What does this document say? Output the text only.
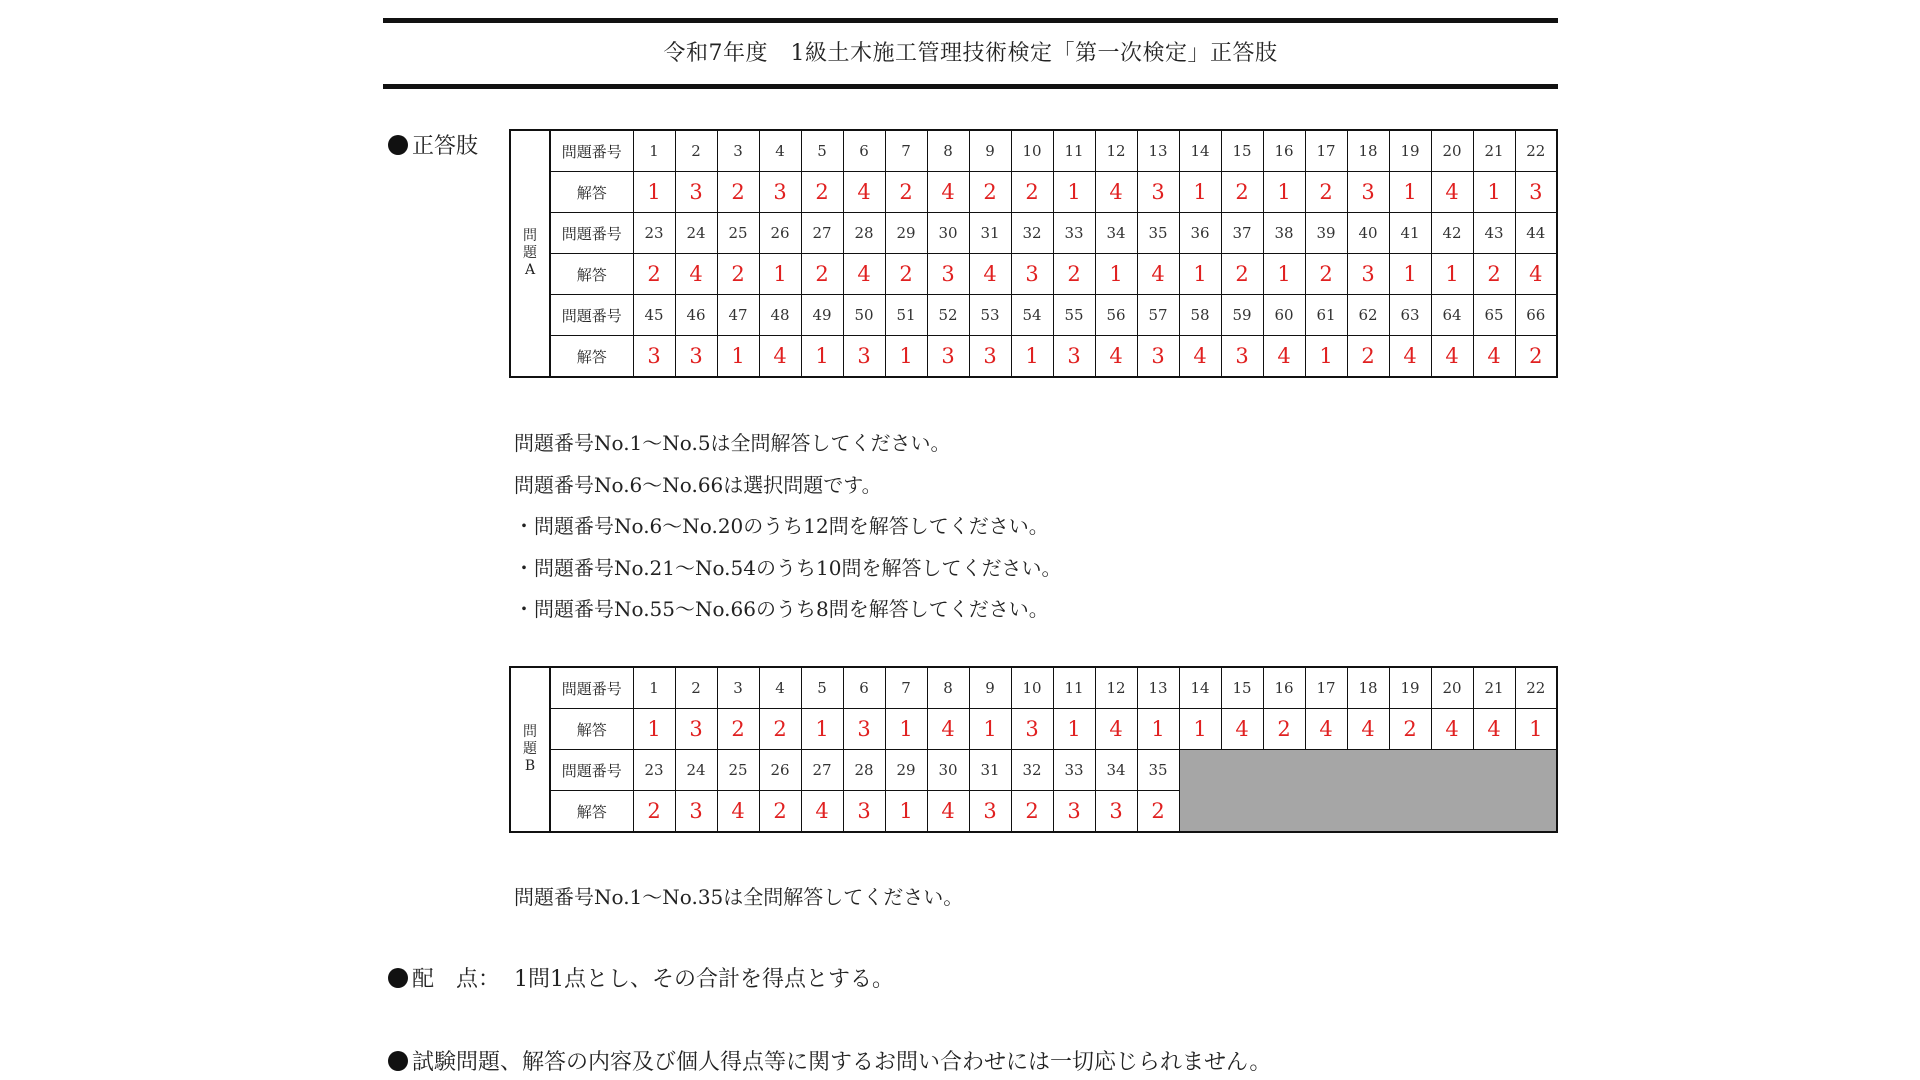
令和7年度　1級土木施工管理技術検定「第一次検定」正答肢
正答肢
問
題
A	問題番号	1	2	3	4	5	6	7	8	9	10	11	12	13	14	15	16	17	18	19	20	21	22
	解答	1	3	2	3	2	4	2	4	2	2	1	4	3	1	2	1	2	3	1	4	1	3
	問題番号	23	24	25	26	27	28	29	30	31	32	33	34	35	36	37	38	39	40	41	42	43	44
	解答	2	4	2	1	2	4	2	3	4	3	2	1	4	1	2	1	2	3	1	1	2	4
	問題番号	45	46	47	48	49	50	51	52	53	54	55	56	57	58	59	60	61	62	63	64	65	66
	解答	3	3	1	4	1	3	1	3	3	1	3	4	3	4	3	4	1	2	4	4	4	2
問題番号No.1～No.5は全問解答してください。
問題番号No.6～No.66は選択問題です。
・問題番号No.6～No.20のうち12問を解答してください。
・問題番号No.21～No.54のうち10問を解答してください。
・問題番号No.55～No.66のうち8問を解答してください。
問
題
B	問題番号	1	2	3	4	5	6	7	8	9	10	11	12	13	14	15	16	17	18	19	20	21	22
	解答	1	3	2	2	1	3	1	4	1	3	1	4	1	1	4	2	4	4	2	4	4	1
	問題番号	23	24	25	26	27	28	29	30	31	32	33	34	35									
	解答	2	3	4	2	4	3	1	4	3	2	3	3	2									
問題番号No.1～No.35は全問解答してください。
配　点： 1問1点とし、その合計を得点とする。
試験問題、解答の内容及び個人得点等に関するお問い合わせには一切応じられません。
